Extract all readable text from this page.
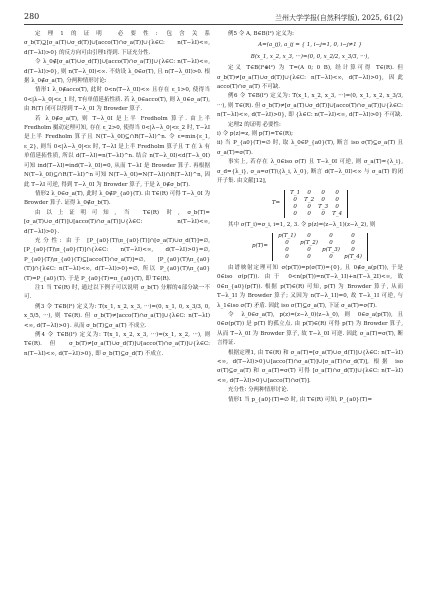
280	兰州大学学报(自然科学版), 2025, 61(2)

定理1的证明 必要性: 包含关系 σ_b(T)⊇[σ_a(T)∪σ_d(T)]∪[acco(T)∩σ_a(T)]∪{λ∈C: n(T−λI)<∞, d(T−λI)>0} 的反方向可由引理1得到. 下证充分性.

令 λ_0∉[σ_a(T)∪σ_d(T)]∪[acco(T)∩σ_a(T)]∪{λ∈C: n(T−λI)<∞, d(T−λI)>0}, 则 n(T−λ_0I)<∞. 不妨设 λ_0∈σ(T), 且 n(T−λ_0I)>0. 根据 λ_0∉σ_a(T), 分两种情形讨论:

情形1 λ_0∉acco(T), 此时 0<n(T−λ_0I)<∞ 且存在 ε_1>0, 使得当 0<|λ−λ_0|<ε_1 时, T有单值延拓性质. 若 λ_0∈acco(T), 则 λ_0∈σ_a(T), 由 R(T) 闭可以得到 T−λ_0I 为 Browder 算子.

若 λ_0∉σ_a(T), 则 T−λ_0I 是上半 Fredholm 算子. 由上半 Fredholm 摄动定理可知, 存在 ε_2>0, 使得当 0<|λ−λ_0|<ε_2 时, T−λI 是上半 Fredholm 算子且 N(T−λ_0I)⊆∩R(T−λI)^n. 令 ε=min{ε_1, ε_2}, 则当 0<|λ−λ_0|<ε 时, T−λI 是上半 Fredholm 算子且 T 在 λ 有单值延拓性质, 所以 d(T−λI)=n(T−λI)^n. 结合 n(T−λ_0I)<d(T−λ_0I) 可知 ind(T−λI)=ind(T−λ_0I)=0, 从而 T−λI 是 Browder 算子. 再根据 N(T−λ_0I)⊆∩R(T−λI)^n 可知 N(T−λ_0I)=N(T−λI)∩R(T−λI)^n, 因此 T−λI 可逆, 得到 T−λ_0I 为 Browder 算子, 于是 λ_0∉σ_b(T).

情形2 λ_0∈σ_a(T), 此时 λ_0∉P_{a0}(T). 由 T∈(R) 可得 T−λ_0I 为 Browder 算子. 证得 λ_0∉σ_b(T).

由以上证明可知, 当 T∈(R) 时, σ_b(T)=[σ_a(T)∪σ_d(T)]∪[acco(T)∩σ_a(T)]∪{λ∈C: n(T−λI)<∞, d(T−λI)>0}.

充分性: 由于 [P_{a0}(T)\π_{a0}(T)]∩[σ_a(T)∪σ_d(T)]=∅, [P_{a0}(T)\π_{a0}(T)]∩{λ∈C: n(T−λI)<∞, d(T−λI)>0}=∅, P_{a0}(T)\π_{a0}(T)⊆[acco(T)∩σ_a(T)]=∅, [P_{a0}(T)\π_{a0}(T)]∩{λ∈C: n(T−λI)<∞, d(T−λI)>0}=∅, 所以 P_{a0}(T)\π_{a0}(T)=P_{a0}(T). 于是 P_{a0}(T)=π_{a0}(T), 即 T∈(R).

注1 当 T∈(R) 时, 通过以下例子可以说明 σ_b(T) 分解的4部分缺一不可.

例3 令 T∈B(l²) 定义为: T(x_1, x_2, x_3, ···)=(0, x_1, 0, x_3/3, 0, x_5/5, ···), 则 T∈(R). 但 σ_b(T)≠[acco(T)∩σ_a(T)]∪{λ∈C: n(T−λI)<∞, d(T−λI)>0}. 从而 σ_b(T)⊆σ_a(T) 不成立.

例4 令 T∈B(l²) 定义为: T(x_1, x_2, x_3, ···)=(x_1, x_2, ···), 则 T∈(R). 但 σ_b(T)≠[σ_a(T)∪σ_d(T)]∪[acco(T)∩σ_a(T)]∪{λ∈C: n(T−λI)<∞, d(T−λI)>0}, 即 σ_b(T)⊆σ_d(T) 不成立.

例5 令 A, B∈B(l²) 定义为:

A=(a_ij), a_ij = { 1, i−j=1, 0, i−j≠1 }
B(x_1, x_2, x_3, ···)=(0, 0, x_2/2, x_3/3, ···),

定义 T∈B(l²⊕l²) 为 T=(A 0; 0 B), 经计算可得 T∈(R). 但 σ_b(T)≠[σ_a(T)∪σ_d(T)]∪{λ∈C: n(T−λI)<∞, d(T−λI)>0}, 因此 acco(T)∩σ_a(T) 不可缺.

例6 令 T∈B(l²) 定义为: T(x_1, x_2, x_3, ···)=(0, x_1, x_2, x_3/3, ···), 则 T∈(R). 但 σ_b(T)≠[σ_a(T)∪σ_d(T)]∪[acco(T)∩σ_a(T)]∪{λ∈C: n(T−λI)<∞, d(T−λI)>0}, 即 {λ∈C: n(T−λI)<∞, d(T−λI)>0} 不可缺.

定理2 的证明 必要性:

i) 令 p(z)=z, 则 p(T)=T∈(R);

ii) 当 P_{a0}(T)=∅ 时, 取 λ_0∈P_{a0}(T), 断言 iso σ(T)⊆σ_a(T) 且 σ_a(T)=σ(T).

事实上, 若存在 λ_0∈iso σ(T) 且 T−λ_0I 可逆, 则 σ_a(T)={λ_i}, σ_d={λ_i}, σ_a=σ(T)\{λ_i, λ_0}, 断言 d(T−λ_0I)<∞ 与 σ_a(T) 的闭开子集. 由文献[12],

T=
T_1	0	0	0
0	T_2	0	0
0	0	T_3	0
0	0	0	T_4

其中 σ(T_i)=σ_i, i=1, 2, 3. 令 p(z)=(z−λ_1)(z−λ_2), 则

p(T)=
p(T_1)	0	0	0
0	p(T_2)	0	0
0	0	p(T_3)	0
0	0	0	p(T_4)

由谱映射定理可知 σ(p(T))=p(σ(T))={0}, 且 0∉σ_a(p(T)), 于是 0∈iso σ(p(T)). 由于 0<n(p(T))=n(T−λ_1I)+n(T−λ_2I)<∞, 故 0∈π_{a0}(p(T)). 根据 p(T)∈(R) 可知, p(T) 为 Browder 算子, 从而 T−λ_1I 为 Browder 算子; 又因为 n(T−λ_1I)=0, 故 T−λ_1I 可逆, 与 λ_1∈iso σ(T) 矛盾. 因此 iso σ(T)⊆σ_a(T), 下证 σ_a(T)=σ(T).

令 λ_0∈σ_a(T), p(z)=(z−λ_0)(z−λ_0), 则 0∈σ_a(p(T)), 且 0∈σ(p(T)) 是 p(T) 的孤立点. 由 p(T)∈(R) 可得 p(T) 为 Browder 算子, 从而 T−λ_0I 为 Browder 算子, 故 T−λ_0I 可逆. 因此 σ_a(T)=σ(T), 断言得证.

根据定理1, 由 T∈(R) 和 σ_a(T)=[σ_a(T)∪σ_d(T)]∪{λ∈C: n(T−λI)<∞, d(T−λI)>0}∪[acco(T)∩σ_a(T)]∪[σ_a(T)∩σ_d(T)], 根据 iso σ(T)⊆σ_a(T) 和 σ_a(T)=σ(T) 可得 [σ_a(T)∩σ_d(T)]∪{λ∈C: n(T−λI)<∞, d(T−λI)>0}∪[acco(T)∩σ(T)].

充分性: 分两种情形讨论.

情形1 当 p_{a0}(T)=∅ 时, 由 T∈(R) 可知, P_{a0}(T)=
